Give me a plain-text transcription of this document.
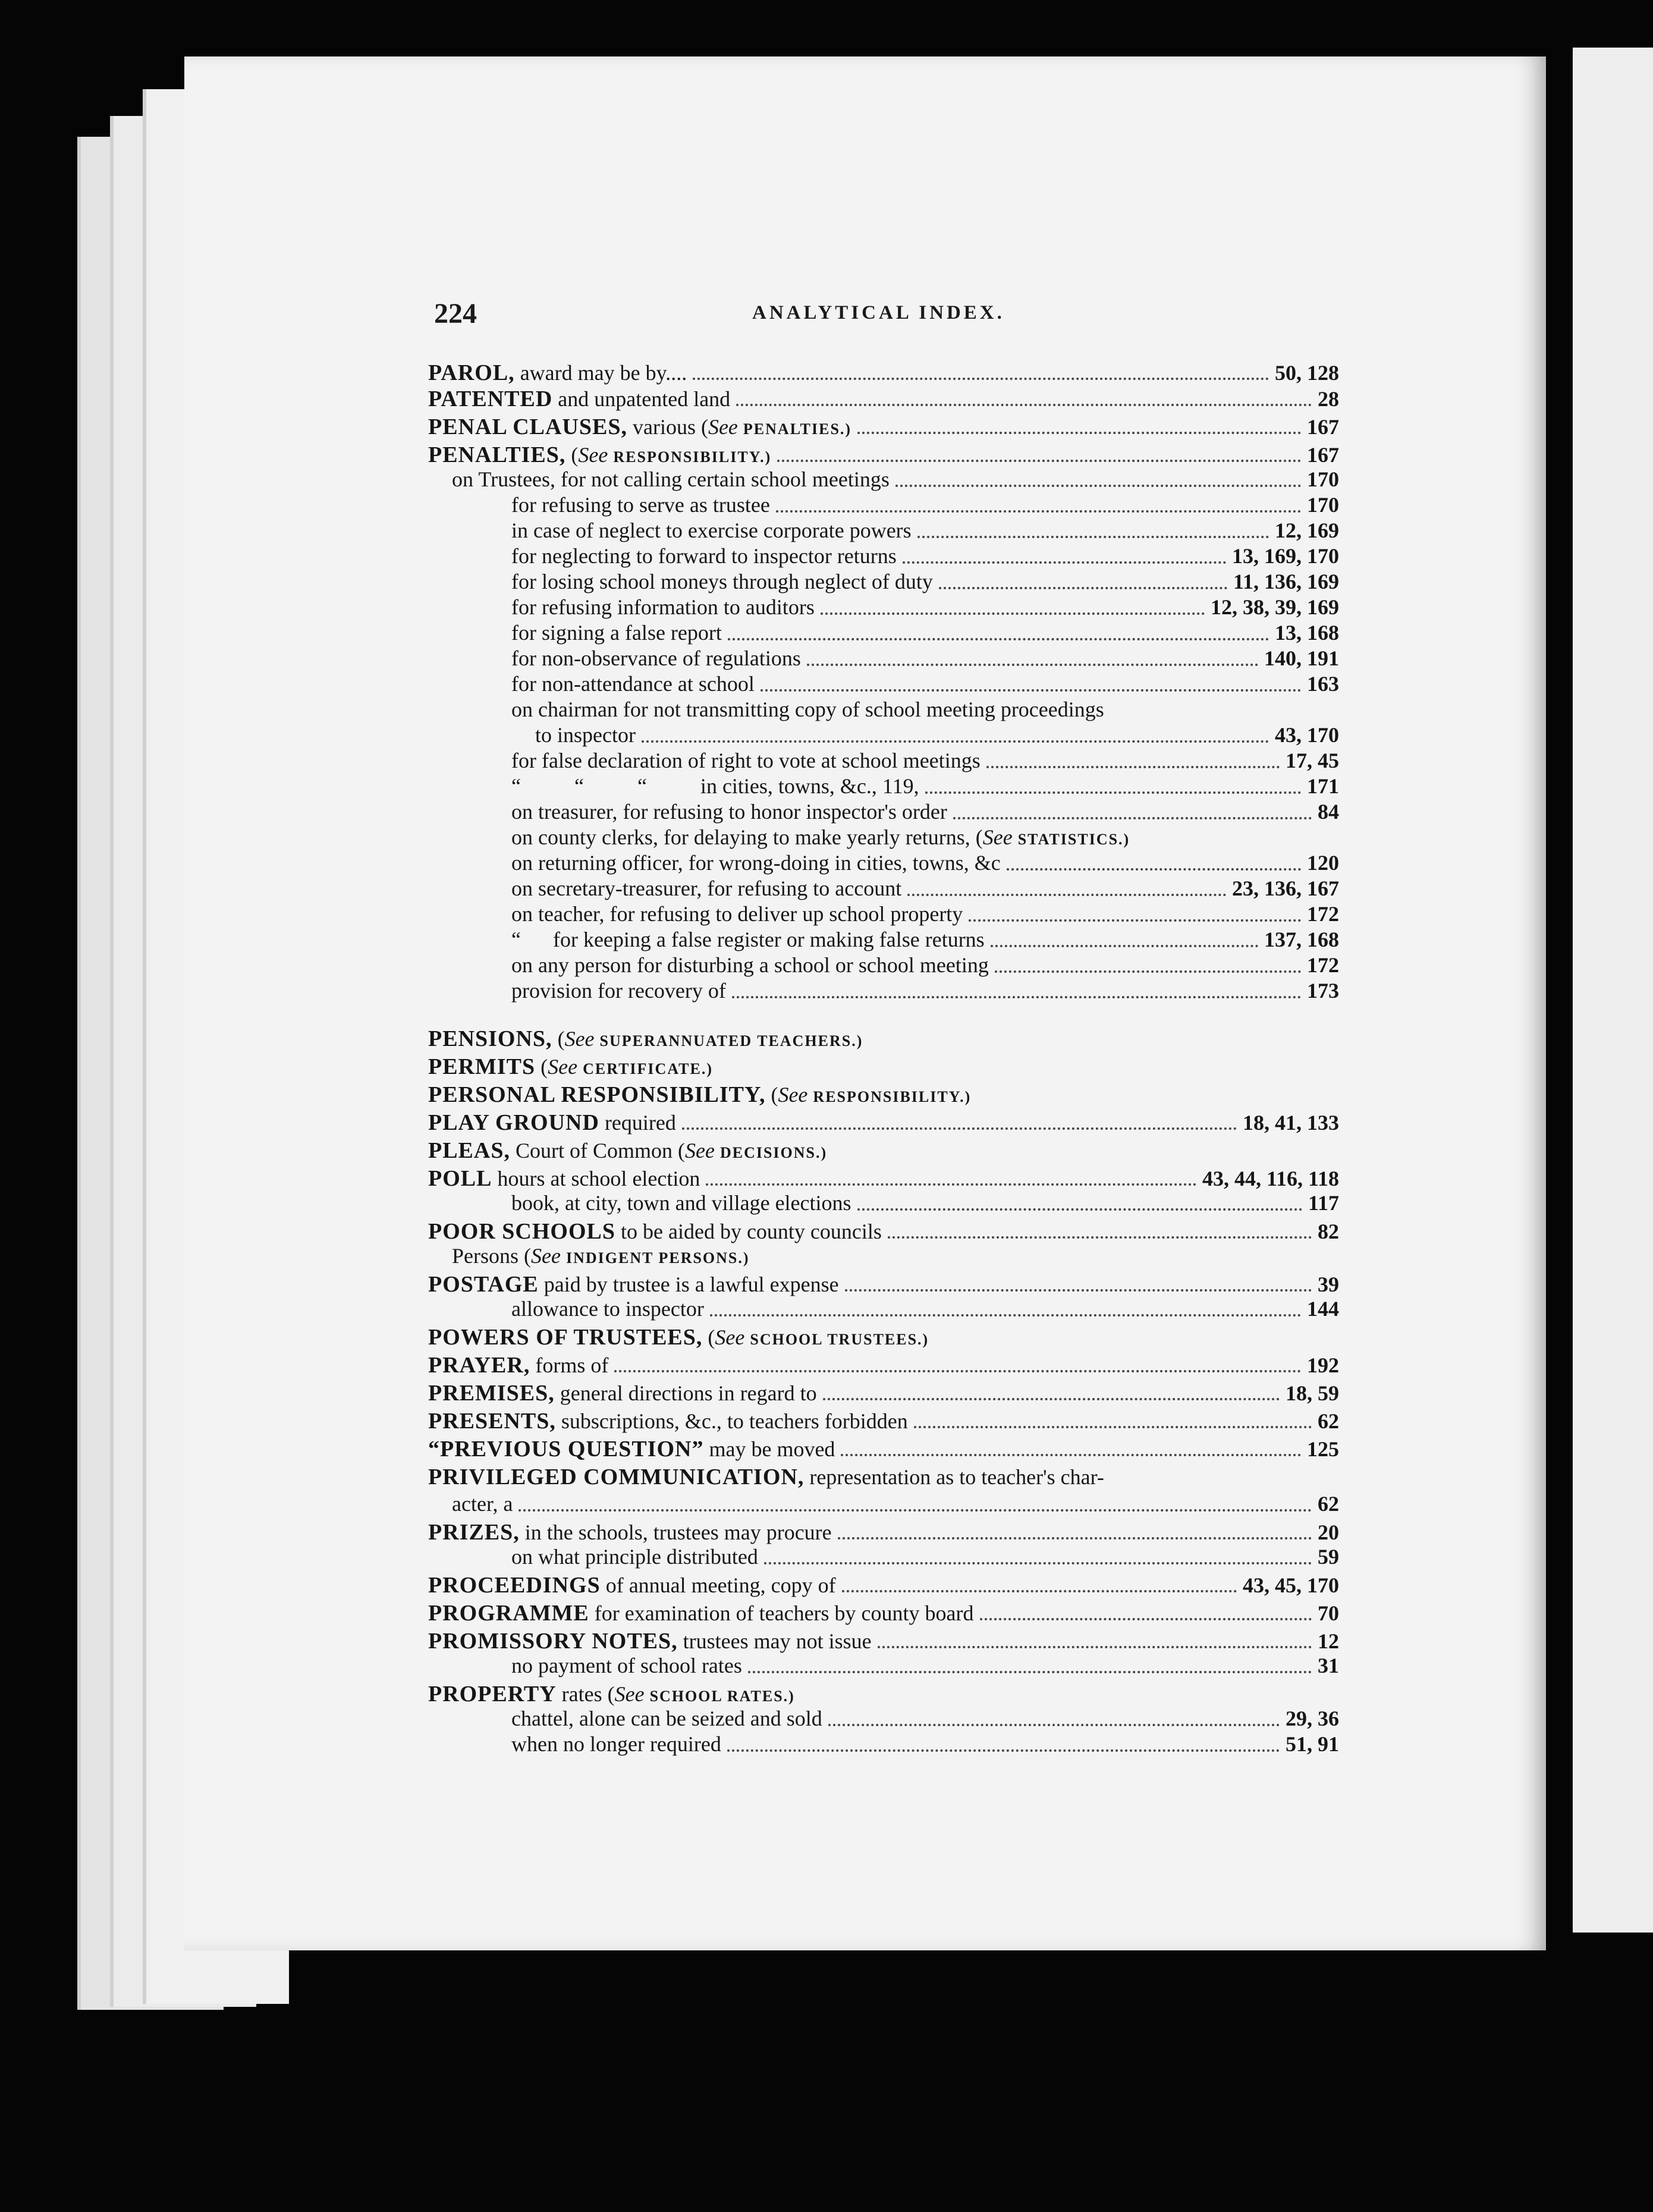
224	ANALYTICAL INDEX.
PAROL, award may be by....	50, 128
PATENTED and unpatented land	28
PENAL CLAUSES, various ( See
PENALTIES.)	167
PENALTIES, ( See
RESPONSIBILITY.)	167
on Trustees, for not calling certain school meetings	170
for refusing to serve as trustee	170
in case of neglect to exercise corporate powers	12, 169
for neglecting to forward to inspector returns	13, 169, 170
for losing school moneys through neglect of duty	11, 136, 169
for refusing information to auditors	12, 38, 39, 169
for signing a false report	13, 168
for non-observance of regulations	140, 191
for non-attendance at school	163
on chairman for not transmitting copy of school meeting proceedings
to inspector	43, 170
for false declaration of right to vote at school meetings	17, 45
“          “          “          in cities, towns, &c., 119,	171
on treasurer, for refusing to honor inspector's order	84
on county clerks, for delaying to make yearly returns, ( See
STATISTICS.)
on returning officer, for wrong-doing in cities, towns, &c	120
on secretary-treasurer, for refusing to account	23, 136, 167
on teacher, for refusing to deliver up school property	172
“      for keeping a false register or making false returns	137, 168
on any person for disturbing a school or school meeting	172
provision for recovery of	173
PENSIONS, ( See
SUPERANNUATED TEACHERS.)
PERMITS ( See
CERTIFICATE.)
PERSONAL RESPONSIBILITY, ( See
RESPONSIBILITY.)
PLAY GROUND required	18, 41, 133
PLEAS, Court of Common ( See
DECISIONS.)
POLL hours at school election	43, 44, 116, 118
book, at city, town and village elections	117
POOR SCHOOLS to be aided by county councils	82
Persons ( See
INDIGENT PERSONS.)
POSTAGE paid by trustee is a lawful expense	39
allowance to inspector	144
POWERS OF TRUSTEES, ( See
SCHOOL TRUSTEES.)
PRAYER, forms of	192
PREMISES, general directions in regard to	18, 59
PRESENTS, subscriptions, &c., to teachers forbidden	62
“PREVIOUS QUESTION” may be moved	125
PRIVILEGED COMMUNICATION, representation as to teacher's char-
acter, a	62
PRIZES, in the schools, trustees may procure	20
on what principle distributed	59
PROCEEDINGS of annual meeting, copy of	43, 45, 170
PROGRAMME for examination of teachers by county board	70
PROMISSORY NOTES, trustees may not issue	12
no payment of school rates	31
PROPERTY rates ( See
SCHOOL RATES.)
chattel, alone can be seized and sold	29, 36
when no longer required	51, 91
